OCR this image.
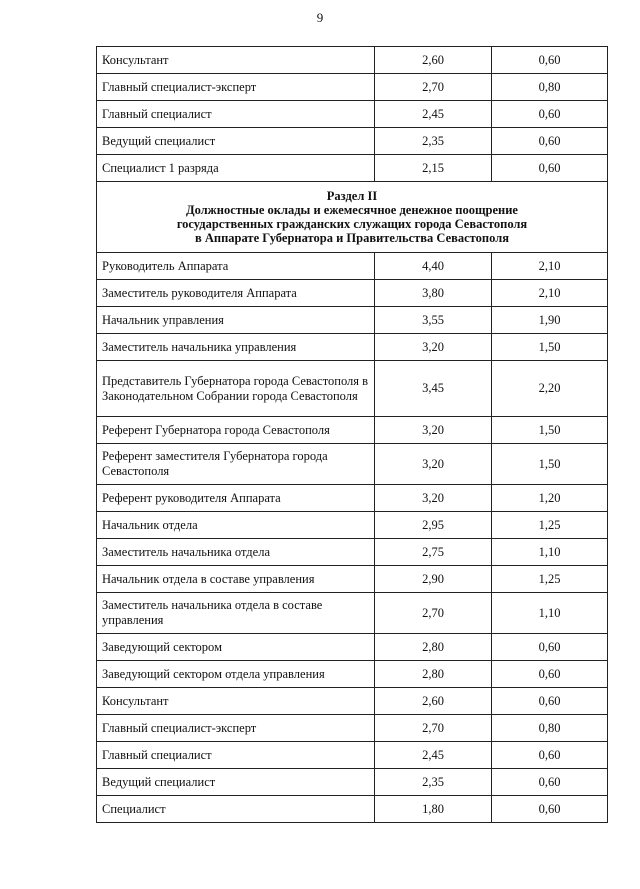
9
Консультант	2,60	0,60
Главный специалист-эксперт	2,70	0,80
Главный специалист	2,45	0,60
Ведущий специалист	2,35	0,60
Специалист 1 разряда	2,15	0,60

Раздел II
Должностные оклады и ежемесячное денежное поощрение
государственных гражданских служащих города Севастополя
в Аппарате Губернатора и Правительства Севастополя		

Руководитель Аппарата	4,40	2,10
Заместитель руководителя Аппарата	3,80	2,10
Начальник управления	3,55	1,90
Заместитель начальника управления	3,20	1,50
Представитель Губернатора города Севастополя в Законодательном Собрании города Севастополя	3,45	2,20
Референт Губернатора города Севастополя	3,20	1,50
Референт заместителя Губернатора города Севастополя	3,20	1,50
Референт руководителя Аппарата	3,20	1,20
Начальник отдела	2,95	1,25
Заместитель начальника отдела	2,75	1,10
Начальник отдела в составе управления	2,90	1,25
Заместитель начальника отдела в составе управления	2,70	1,10
Заведующий сектором	2,80	0,60
Заведующий сектором отдела управления	2,80	0,60
Консультант	2,60	0,60
Главный специалист-эксперт	2,70	0,80
Главный специалист	2,45	0,60
Ведущий специалист	2,35	0,60
Специалист	1,80	0,60
